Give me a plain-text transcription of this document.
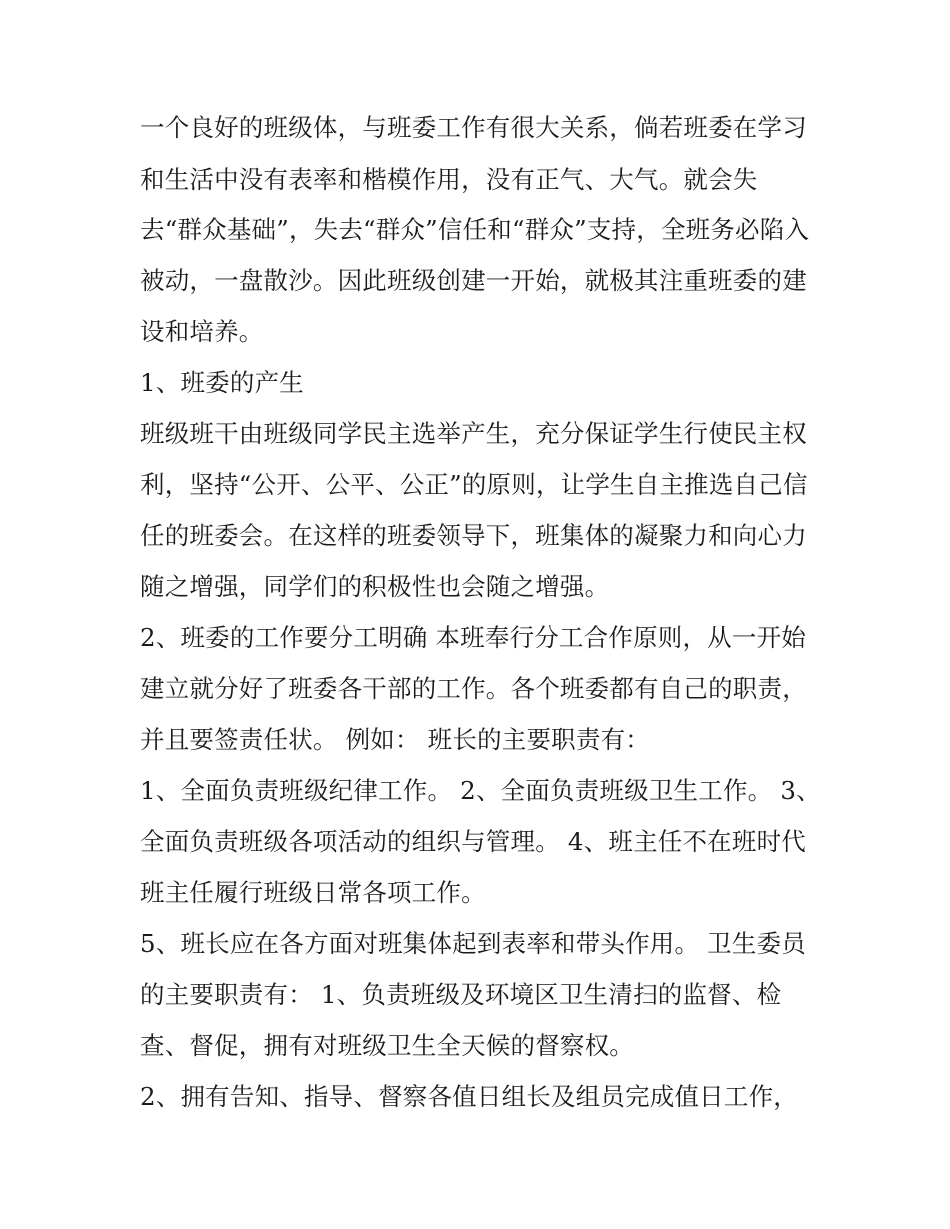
一个良好的班级体，与班委工作有很大关系，倘若班委在学习
和生活中没有表率和楷模作用，没有正气、大气。就会失
去“群众基础”，失去“群众”信任和“群众”支持，全班务必陷入
被动，一盘散沙。因此班级创建一开始，就极其注重班委的建
设和培养。
1、班委的产生
班级班干由班级同学民主选举产生，充分保证学生行使民主权
利，坚持“公开、公平、公正”的原则，让学生自主推选自己信
任的班委会。在这样的班委领导下，班集体的凝聚力和向心力
随之增强，同学们的积极性也会随之增强。
2、班委的工作要分工明确 本班奉行分工合作原则，从一开始
建立就分好了班委各干部的工作。各个班委都有自己的职责，
并且要签责任状。 例如： 班长的主要职责有：
1、全面负责班级纪律工作。 2、全面负责班级卫生工作。 3、
全面负责班级各项活动的组织与管理。 4、班主任不在班时代
班主任履行班级日常各项工作。
5、班长应在各方面对班集体起到表率和带头作用。 卫生委员
的主要职责有： 1、负责班级及环境区卫生清扫的监督、检
查、督促，拥有对班级卫生全天候的督察权。
2、拥有告知、指导、督察各值日组长及组员完成值日工作，
